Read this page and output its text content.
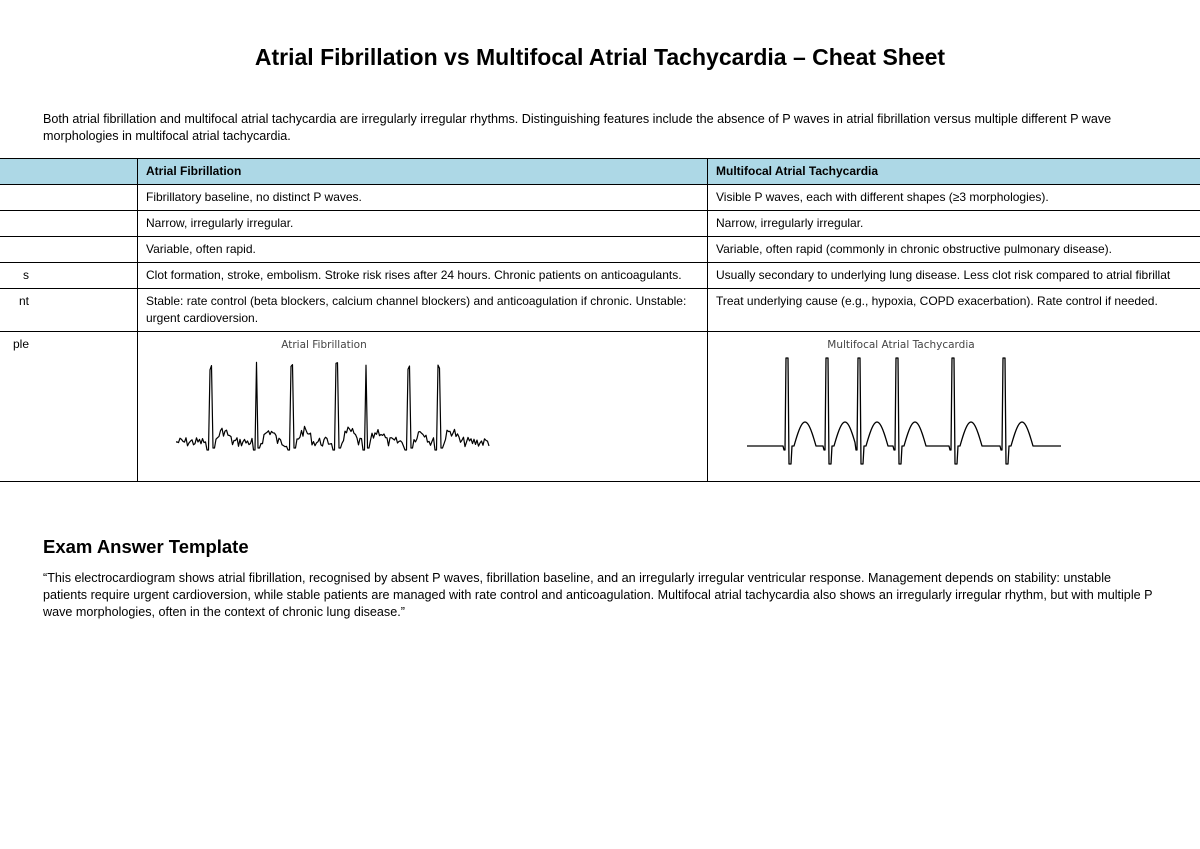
Atrial Fibrillation vs Multifocal Atrial Tachycardia – Cheat Sheet

Both atrial fibrillation and multifocal atrial tachycardia are irregularly irregular rhythms. Distinguishing features include the absence of P waves in atrial fibrillation versus multiple different P wave morphologies in multifocal atrial tachycardia.

	Atrial Fibrillation	Multifocal Atrial Tachycardia
	Fibrillatory baseline, no distinct P waves.	Visible P waves, each with different shapes (≥3 morphologies).
	Narrow, irregularly irregular.	Narrow, irregularly irregular.
	Variable, often rapid.	Variable, often rapid (commonly in chronic obstructive pulmonary disease).
s	Clot formation, stroke, embolism. Stroke risk rises after 24 hours. Chronic patients on anticoagulants.	Usually secondary to underlying lung disease. Less clot risk compared to atrial fibrillat
nt	Stable: rate control (beta blockers, calcium channel blockers) and anticoagulation if chronic. Unstable: urgent cardioversion.	Treat underlying cause (e.g., hypoxia, COPD exacerbation). Rate control if needed.
ple	Atrial Fibrillation	Multifocal Atrial Tachycardia
Exam Answer Template

“This electrocardiogram shows atrial fibrillation, recognised by absent P waves, fibrillation baseline, and an irregularly irregular ventricular response. Management depends on stability: unstable patients require urgent cardioversion, while stable patients are managed with rate control and anticoagulation. Multifocal atrial tachycardia also shows an irregularly irregular rhythm, but with multiple P wave morphologies, often in the context of chronic lung disease.”
